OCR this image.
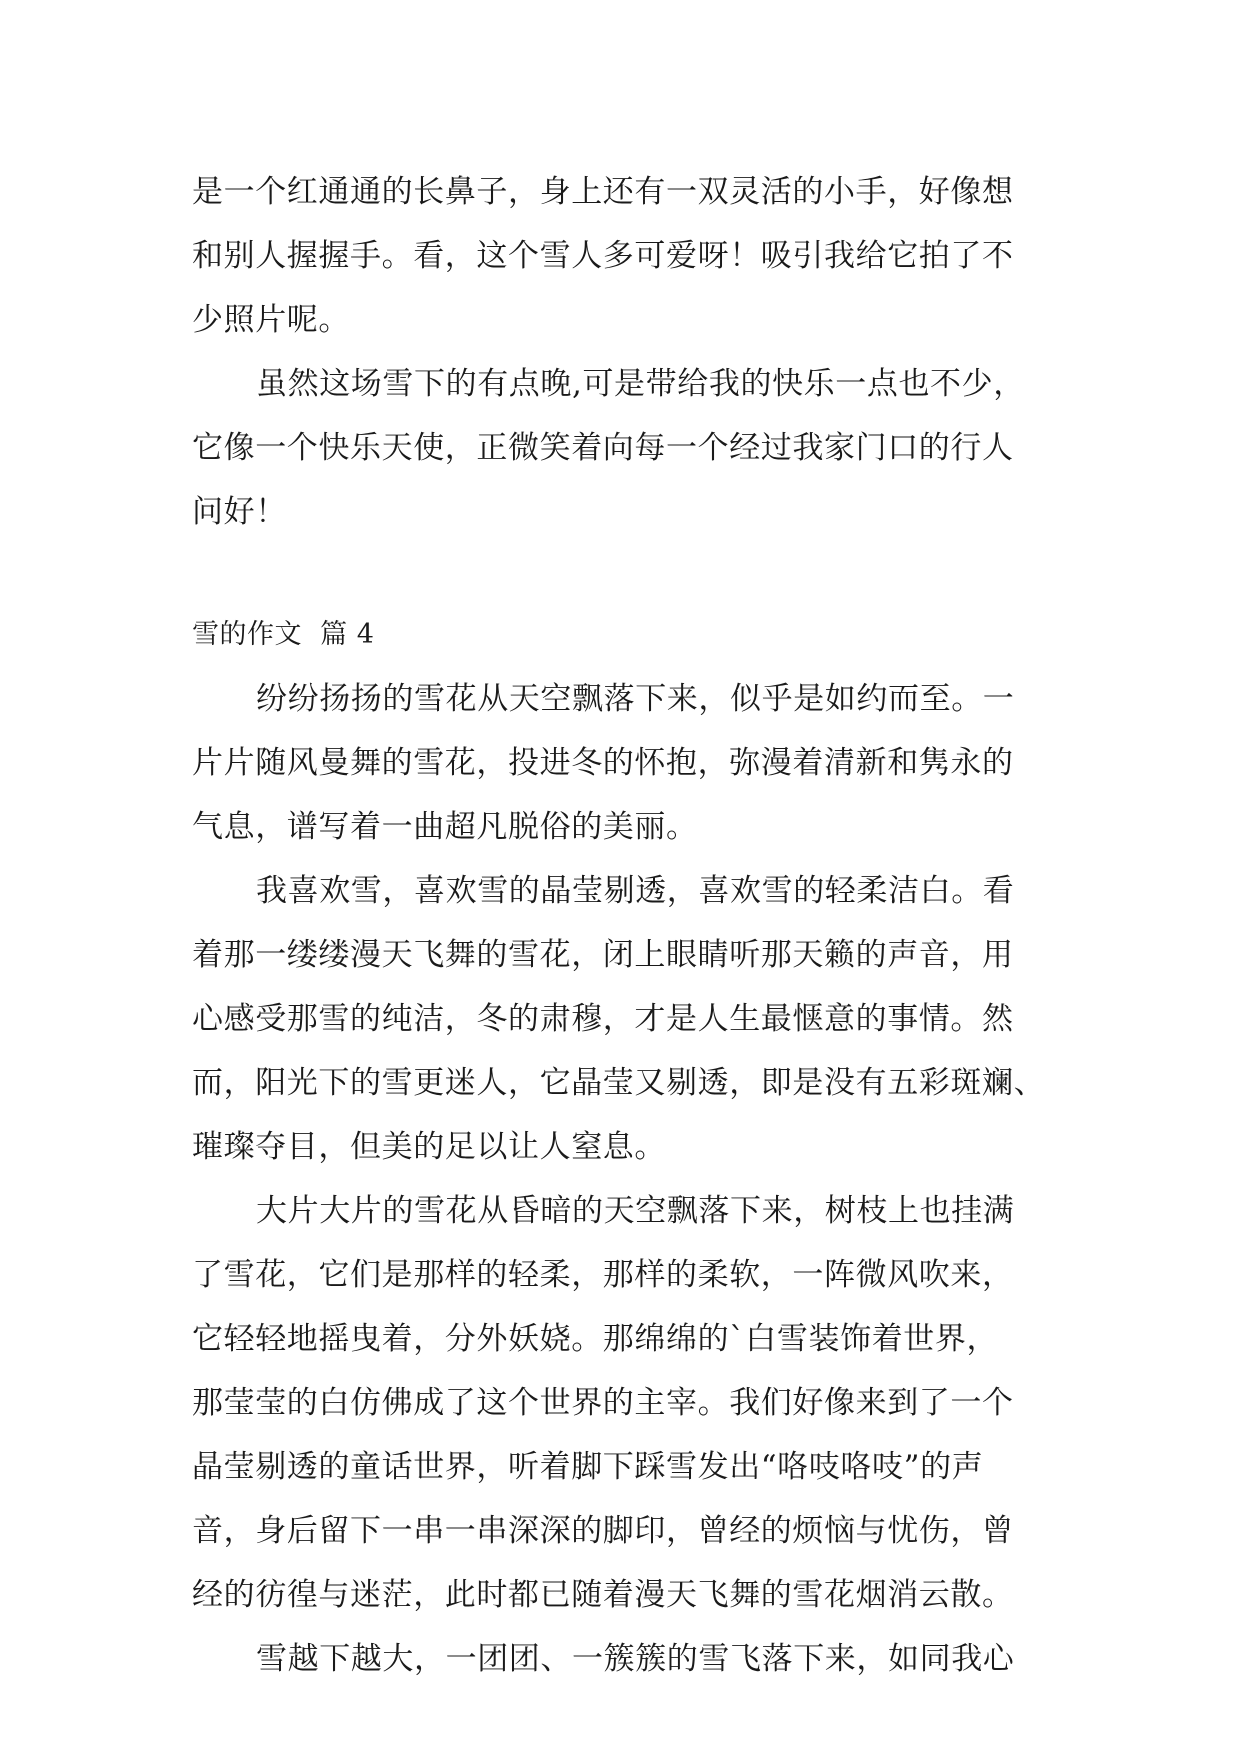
是一个红通通的长鼻子，身上还有一双灵活的小手，好像想
和别人握握手。看，这个雪人多可爱呀！吸引我给它拍了不
少照片呢。
虽然这场雪下的有点晚,可是带给我的快乐一点也不少，
它像一个快乐天使，正微笑着向每一个经过我家门口的行人
问好！
雪的作文  篇 4
纷纷扬扬的雪花从天空飘落下来，似乎是如约而至。一
片片随风曼舞的雪花，投进冬的怀抱，弥漫着清新和隽永的
气息，谱写着一曲超凡脱俗的美丽。
我喜欢雪，喜欢雪的晶莹剔透，喜欢雪的轻柔洁白。看
着那一缕缕漫天飞舞的雪花，闭上眼睛听那天籁的声音，用
心感受那雪的纯洁，冬的肃穆，才是人生最惬意的事情。然
而，阳光下的雪更迷人，它晶莹又剔透，即是没有五彩斑斓、
璀璨夺目，但美的足以让人窒息。
大片大片的雪花从昏暗的天空飘落下来，树枝上也挂满
了雪花，它们是那样的轻柔，那样的柔软，一阵微风吹来，
它轻轻地摇曳着，分外妖娆。那绵绵的`白雪装饰着世界，
那莹莹的白仿佛成了这个世界的主宰。我们好像来到了一个
晶莹剔透的童话世界，听着脚下踩雪发出“咯吱咯吱”的声
音，身后留下一串一串深深的脚印，曾经的烦恼与忧伤，曾
经的彷徨与迷茫，此时都已随着漫天飞舞的雪花烟消云散。
雪越下越大，一团团、一簇簇的雪飞落下来，如同我心
